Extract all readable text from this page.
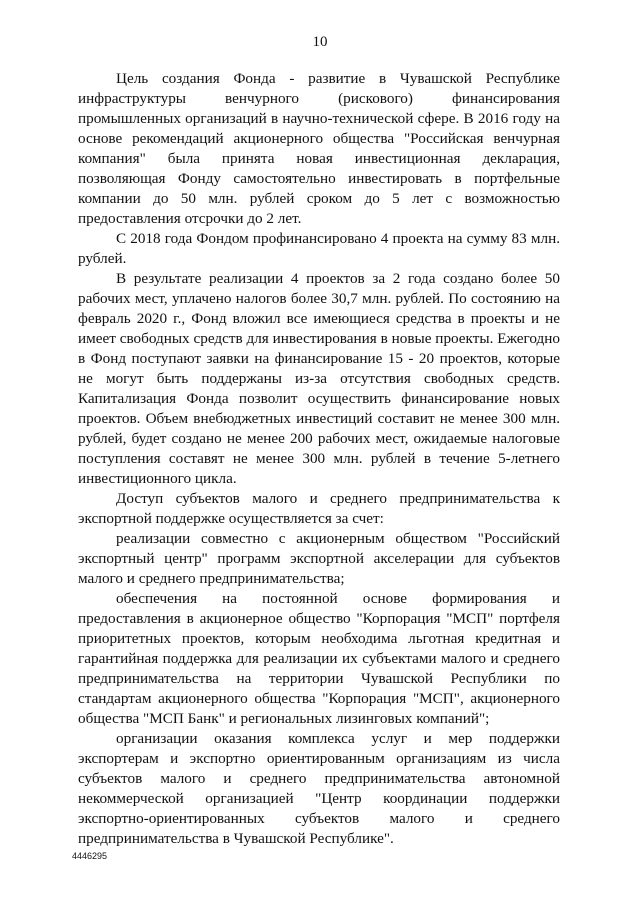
10

Цель создания Фонда - развитие в Чувашской Республике инфраструктуры венчурного (рискового) финансирования промышленных организаций в научно-технической сфере. В 2016 году на основе рекомендаций акционерного общества "Российская венчурная компания" была принята новая инвестиционная декларация, позволяющая Фонду самостоятельно инвестировать в портфельные компании до 50 млн. рублей сроком до 5 лет с возможностью предоставления отсрочки до 2 лет.

С 2018 года Фондом профинансировано 4 проекта на сумму 83 млн. рублей.

В результате реализации 4 проектов за 2 года создано более 50 рабочих мест, уплачено налогов более 30,7 млн. рублей. По состоянию на февраль 2020 г., Фонд вложил все имеющиеся средства в проекты и не имеет свободных средств для инвестирования в новые проекты. Ежегодно в Фонд поступают заявки на финансирование 15 - 20 проектов, которые не могут быть поддержаны из-за отсутствия свободных средств. Капитализация Фонда позволит осуществить финансирование новых проектов. Объем внебюджетных инвестиций составит не менее 300 млн. рублей, будет создано не менее 200 рабочих мест, ожидаемые налоговые поступления составят не менее 300 млн. рублей в течение 5-летнего инвестиционного цикла.

Доступ субъектов малого и среднего предпринимательства к экспортной поддержке осуществляется за счет:

реализации совместно с акционерным обществом "Российский экспортный центр" программ экспортной акселерации для субъектов малого и среднего предпринимательства;

обеспечения на постоянной основе формирования и предоставления в акционерное общество "Корпорация "МСП" портфеля приоритетных проектов, которым необходима льготная кредитная и гарантийная поддержка для реализации их субъектами малого и среднего предпринимательства на территории Чувашской Республики по стандартам акционерного общества "Корпорация "МСП", акционерного общества "МСП Банк" и региональных лизинговых компаний";

организации оказания комплекса услуг и мер поддержки экспортерам и экспортно ориентированным организациям из числа субъектов малого и среднего предпринимательства автономной некоммерческой организацией "Центр координации поддержки экспортно-ориентированных субъектов малого и среднего предпринимательства в Чувашской Республике".

4446295
